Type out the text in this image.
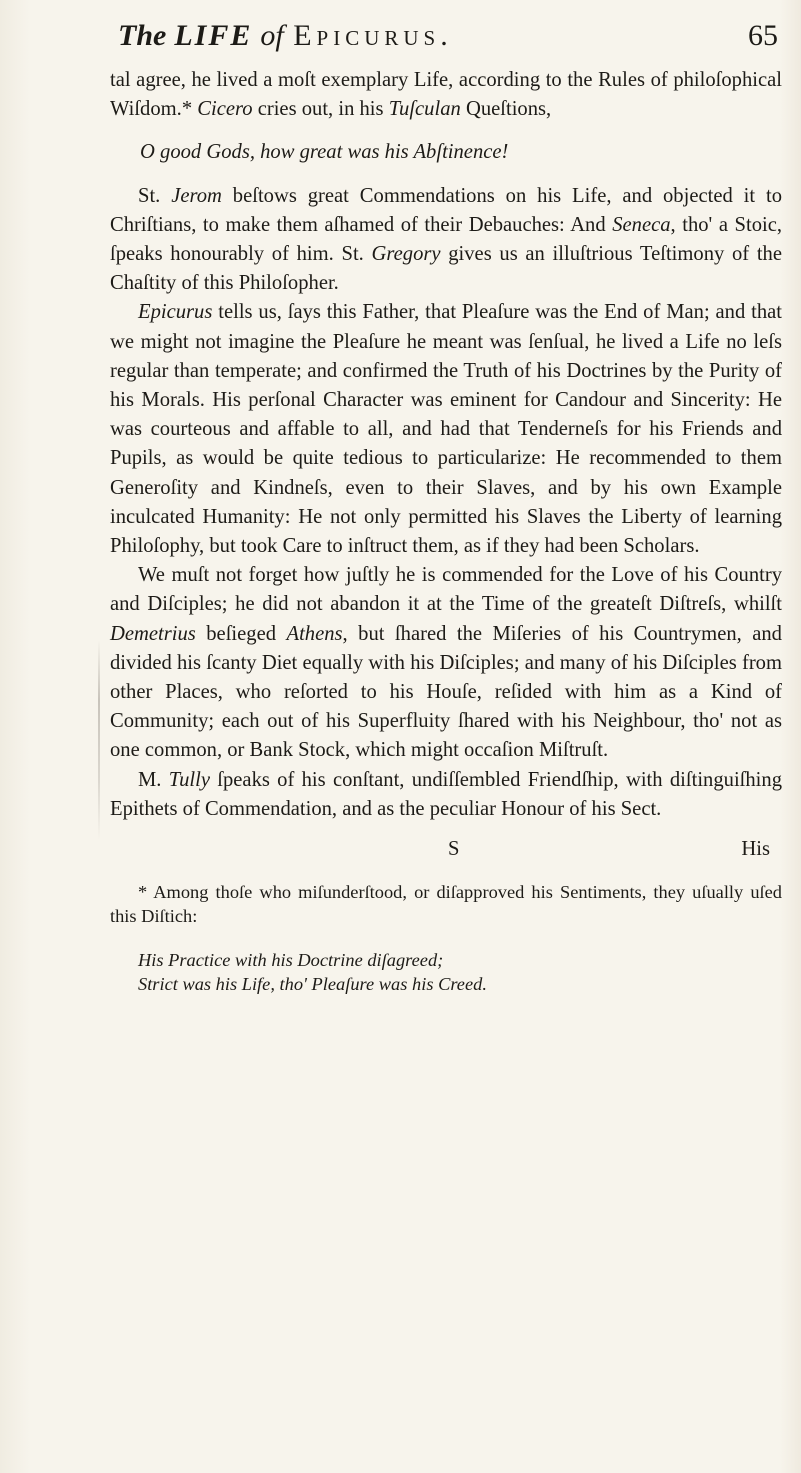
The LIFE of Epicurus.	65

tal agree, he lived a moſt exemplary Life, according to the Rules of philoſophical Wiſdom.* Cicero cries out, in his Tuſculan Queſtions,

O good Gods, how great was his Abſtinence!

St. Jerom beſtows great Commendations on his Life, and objected it to Chriſtians, to make them aſhamed of their Debauches: And Seneca, tho' a Stoic, ſpeaks honourably of him. St. Gregory gives us an illuſtrious Teſtimony of the Chaſtity of this Philoſopher.

Epicurus tells us, ſays this Father, that Pleaſure was the End of Man; and that we might not imagine the Pleaſure he meant was ſenſual, he lived a Life no leſs regular than temperate; and confirmed the Truth of his Doctrines by the Purity of his Morals. His perſonal Character was eminent for Candour and Sincerity: He was courteous and affable to all, and had that Tenderneſs for his Friends and Pupils, as would be quite tedious to particularize: He recommended to them Generoſity and Kindneſs, even to their Slaves, and by his own Example inculcated Humanity: He not only permitted his Slaves the Liberty of learning Philoſophy, but took Care to inſtruct them, as if they had been Scholars.

We muſt not forget how juſtly he is commended for the Love of his Country and Diſciples; he did not abandon it at the Time of the greateſt Diſtreſs, whilſt Demetrius beſieged Athens, but ſhared the Miſeries of his Countrymen, and divided his ſcanty Diet equally with his Diſciples; and many of his Diſciples from other Places, who reſorted to his Houſe, reſided with him as a Kind of Community; each out of his Superfluity ſhared with his Neighbour, tho' not as one common, or Bank Stock, which might occaſion Miſtruſt.

M. Tully ſpeaks of his conſtant, undiſſembled Friendſhip, with diſtinguiſhing Epithets of Commendation, and as the peculiar Honour of his Sect.

S	His

* Among thoſe who miſunderſtood, or diſapproved his Sentiments, they uſually uſed this Diſtich:

His Practice with his Doctrine diſagreed;

Strict was his Life, tho' Pleaſure was his Creed.
